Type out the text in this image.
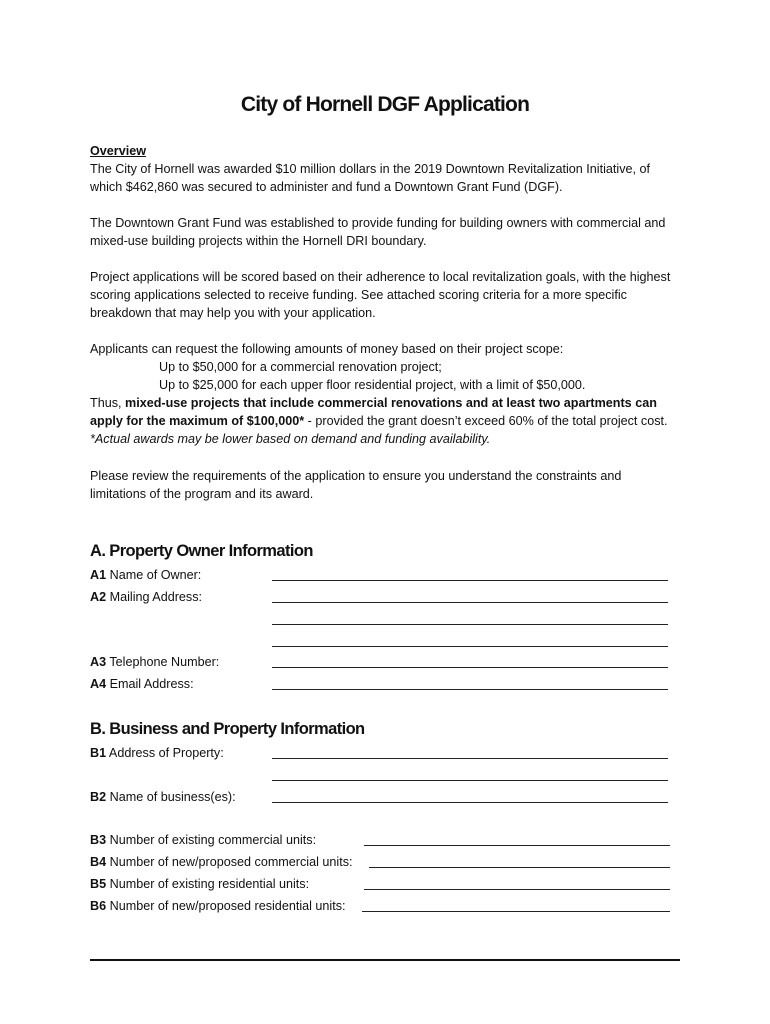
City of Hornell DGF Application
Overview
The City of Hornell was awarded $10 million dollars in the 2019 Downtown Revitalization Initiative, of which $462,860 was secured to administer and fund a Downtown Grant Fund (DGF).
The Downtown Grant Fund was established to provide funding for building owners with commercial and mixed-use building projects within the Hornell DRI boundary.
Project applications will be scored based on their adherence to local revitalization goals, with the highest scoring applications selected to receive funding. See attached scoring criteria for a more specific breakdown that may help you with your application.
Applicants can request the following amounts of money based on their project scope:
Up to $50,000 for a commercial renovation project;
Up to $25,000 for each upper floor residential project, with a limit of $50,000.
Thus, mixed-use projects that include commercial renovations and at least two apartments can apply for the maximum of $100,000* - provided the grant doesn’t exceed 60% of the total project cost. *Actual awards may be lower based on demand and funding availability.
Please review the requirements of the application to ensure you understand the constraints and limitations of the program and its award.
A. Property Owner Information
A1 Name of Owner:
A2 Mailing Address:
A3 Telephone Number:
A4 Email Address:
B. Business and Property Information
B1 Address of Property:
B2 Name of business(es):
B3 Number of existing commercial units:
B4 Number of new/proposed commercial units:
B5 Number of existing residential units:
B6 Number of new/proposed residential units:
